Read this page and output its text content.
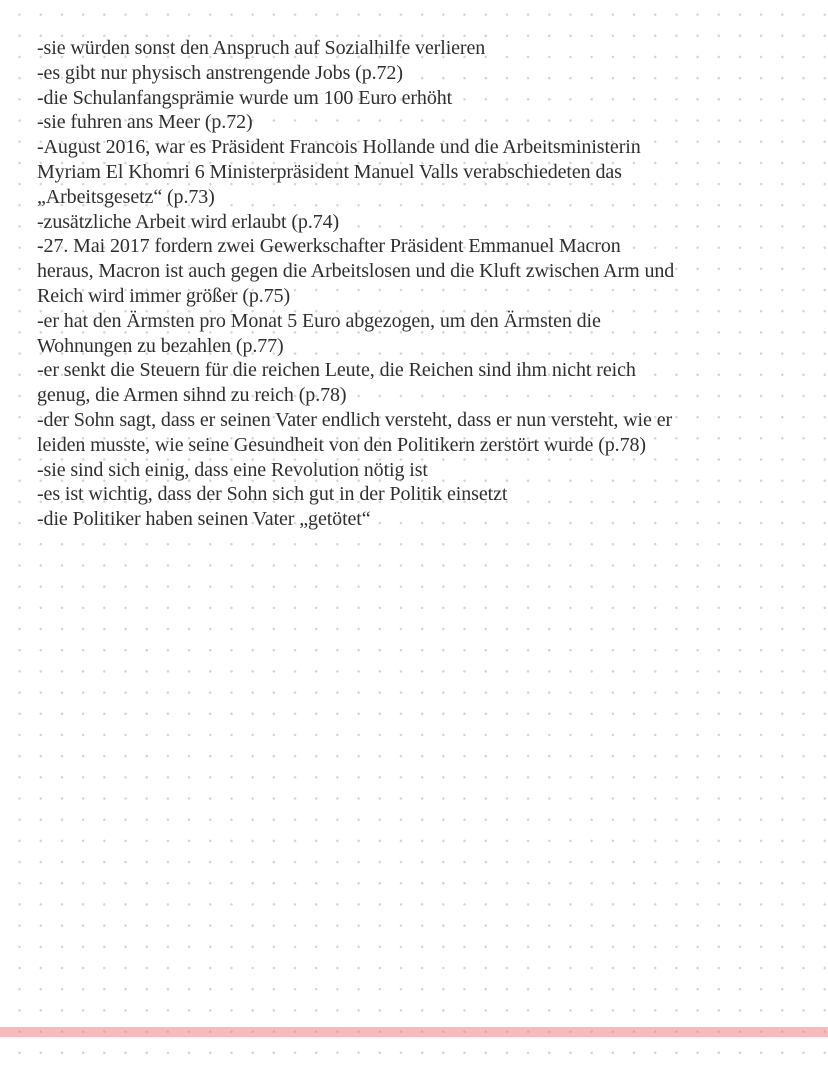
-sie würden sonst den Anspruch auf Sozialhilfe verlieren
-es gibt nur physisch anstrengende Jobs (p.72)
-die Schulanfangsprämie wurde um 100 Euro erhöht
-sie fuhren ans Meer (p.72)
-August 2016, war es Präsident Francois Hollande und die Arbeitsministerin
Myriam El Khomri 6 Ministerpräsident Manuel Valls verabschiedeten das
„Arbeitsgesetz“ (p.73)
-zusätzliche Arbeit wird erlaubt (p.74)
-27. Mai 2017 fordern zwei Gewerkschafter Präsident Emmanuel Macron
heraus, Macron ist auch gegen die Arbeitslosen und die Kluft zwischen Arm und
Reich wird immer größer (p.75)
-er hat den Ärmsten pro Monat 5 Euro abgezogen, um den Ärmsten die
Wohnungen zu bezahlen (p.77)
-er senkt die Steuern für die reichen Leute, die Reichen sind ihm nicht reich
genug, die Armen sihnd zu reich (p.78)
-der Sohn sagt, dass er seinen Vater endlich versteht, dass er nun versteht, wie er
leiden musste, wie seine Gesundheit von den Politikern zerstört wurde (p.78)
-sie sind sich einig, dass eine Revolution nötig ist
-es ist wichtig, dass der Sohn sich gut in der Politik einsetzt
-die Politiker haben seinen Vater „getötet“
